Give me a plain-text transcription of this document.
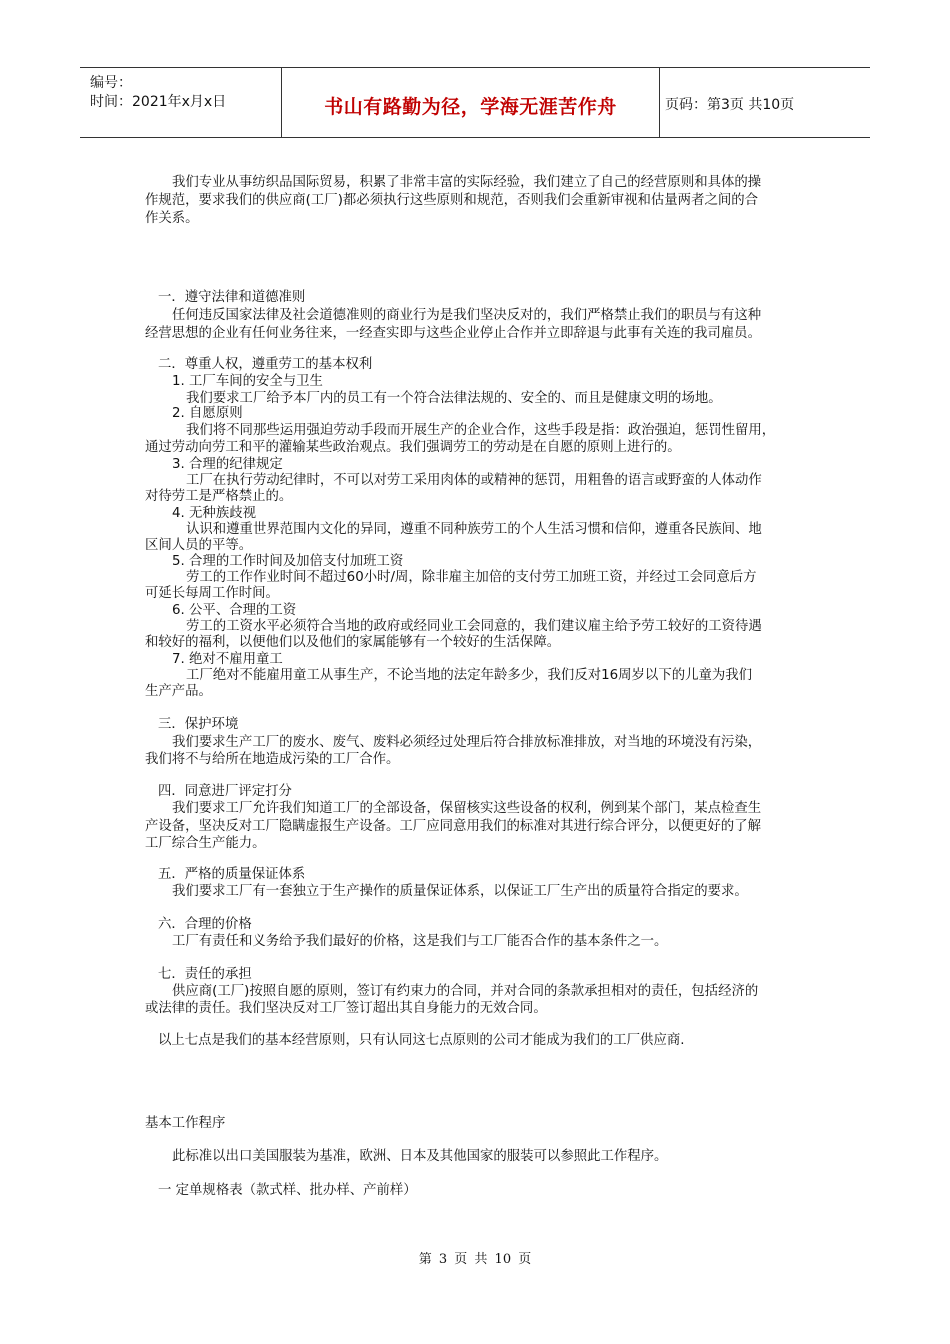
编号：
时间：2021年x月x日	书山有路勤为径，学海无涯苦作舟	页码：第3页 共10页
我们专业从事纺织品国际贸易，积累了非常丰富的实际经验，我们建立了自己的经营原则和具体的操
作规范，要求我们的供应商(工厂)都必须执行这些原则和规范，否则我们会重新审视和估量两者之间的合
作关系。
一．遵守法律和道德准则
任何违反国家法律及社会道德准则的商业行为是我们坚决反对的，我们严格禁止我们的职员与有这种
经营思想的企业有任何业务往来，一经查实即与这些企业停止合作并立即辞退与此事有关连的我司雇员。
二．尊重人权，遵重劳工的基本权利
1. 工厂车间的安全与卫生
我们要求工厂给予本厂内的员工有一个符合法律法规的、安全的、而且是健康文明的场地。
2. 自愿原则
我们将不同那些运用强迫劳动手段而开展生产的企业合作，这些手段是指：政治强迫，惩罚性留用，
通过劳动向劳工和平的灌输某些政治观点。我们强调劳工的劳动是在自愿的原则上进行的。
3. 合理的纪律规定
工厂在执行劳动纪律时，不可以对劳工采用肉体的或精神的惩罚，用粗鲁的语言或野蛮的人体动作
对待劳工是严格禁止的。
4. 无种族歧视
认识和遵重世界范围内文化的异同，遵重不同种族劳工的个人生活习惯和信仰，遵重各民族间、地
区间人员的平等。
5. 合理的工作时间及加倍支付加班工资
劳工的工作作业时间不超过60小时/周，除非雇主加倍的支付劳工加班工资，并经过工会同意后方
可延长每周工作时间。
6. 公平、合理的工资
劳工的工资水平必须符合当地的政府或经同业工会同意的，我们建议雇主给予劳工较好的工资待遇
和较好的福利，以便他们以及他们的家属能够有一个较好的生活保障。
7. 绝对不雇用童工
工厂绝对不能雇用童工从事生产，不论当地的法定年龄多少，我们反对16周岁以下的儿童为我们
生产产品。
三．保护环境
我们要求生产工厂的废水、废气、废料必须经过处理后符合排放标准排放，对当地的环境没有污染，
我们将不与给所在地造成污染的工厂合作。
四．同意进厂评定打分
我们要求工厂允许我们知道工厂的全部设备，保留核实这些设备的权利，例到某个部门，某点检查生
产设备，坚决反对工厂隐瞒虚报生产设备。工厂应同意用我们的标准对其进行综合评分，以便更好的了解
工厂综合生产能力。
五．严格的质量保证体系
我们要求工厂有一套独立于生产操作的质量保证体系，以保证工厂生产出的质量符合指定的要求。
六．合理的价格
工厂有责任和义务给予我们最好的价格，这是我们与工厂能否合作的基本条件之一。
七．责任的承担
供应商(工厂)按照自愿的原则，签订有约束力的合同，并对合同的条款承担相对的责任，包括经济的
或法律的责任。我们坚决反对工厂签订超出其自身能力的无效合同。
以上七点是我们的基本经营原则，只有认同这七点原则的公司才能成为我们的工厂供应商.
基本工作程序
此标准以出口美国服装为基准，欧洲、日本及其他国家的服装可以参照此工作程序。
一 定单规格表（款式样、批办样、产前样）
第 3 页 共 10 页
